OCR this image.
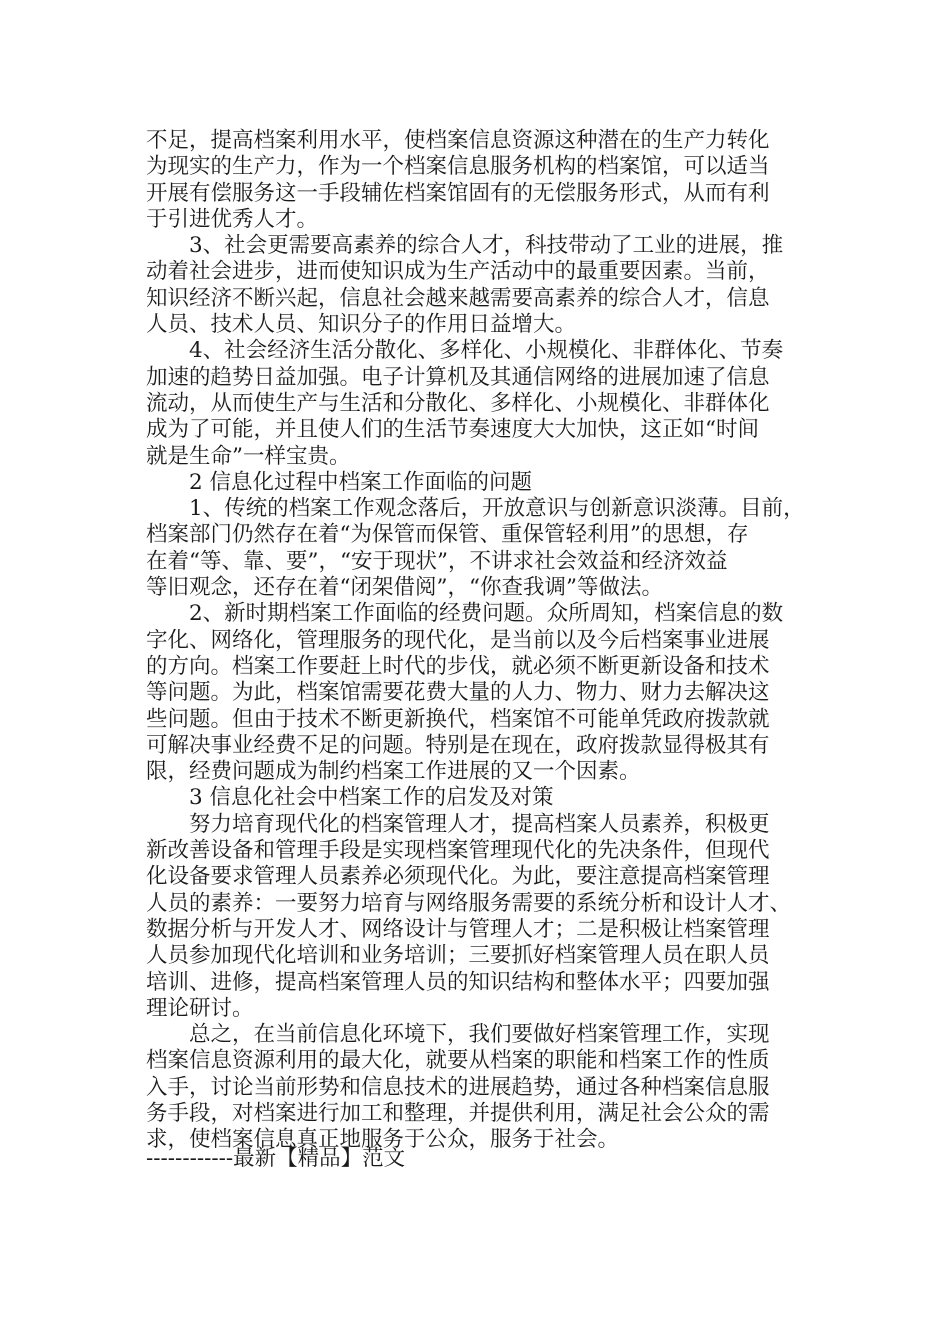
不足，提高档案利用水平，使档案信息资源这种潜在的生产力转化
为现实的生产力，作为一个档案信息服务机构的档案馆，可以适当
开展有偿服务这一手段辅佐档案馆固有的无偿服务形式，从而有利
于引进优秀人才。
3、社会更需要高素养的综合人才，科技带动了工业的进展，推
动着社会进步，进而使知识成为生产活动中的最重要因素。当前，
知识经济不断兴起，信息社会越来越需要高素养的综合人才，信息
人员、技术人员、知识分子的作用日益增大。
4、社会经济生活分散化、多样化、小规模化、非群体化、节奏
加速的趋势日益加强。电子计算机及其通信网络的进展加速了信息
流动，从而使生产与生活和分散化、多样化、小规模化、非群体化
成为了可能，并且使人们的生活节奏速度大大加快，这正如“时间
就是生命”一样宝贵。
2 信息化过程中档案工作面临的问题
1、传统的档案工作观念落后，开放意识与创新意识淡薄。目前，
档案部门仍然存在着“为保管而保管、重保管轻利用”的思想，存
在着“等、靠、要”，“安于现状”，不讲求社会效益和经济效益
等旧观念，还存在着“闭架借阅”，“你查我调”等做法。
2、新时期档案工作面临的经费问题。众所周知，档案信息的数
字化、网络化，管理服务的现代化，是当前以及今后档案事业进展
的方向。档案工作要赶上时代的步伐，就必须不断更新设备和技术
等问题。为此，档案馆需要花费大量的人力、物力、财力去解决这
些问题。但由于技术不断更新换代，档案馆不可能单凭政府拨款就
可解决事业经费不足的问题。特别是在现在，政府拨款显得极其有
限，经费问题成为制约档案工作进展的又一个因素。
3 信息化社会中档案工作的启发及对策
努力培育现代化的档案管理人才，提高档案人员素养，积极更
新改善设备和管理手段是实现档案管理现代化的先决条件，但现代
化设备要求管理人员素养必须现代化。为此，要注意提高档案管理
人员的素养：一要努力培育与网络服务需要的系统分析和设计人才、
数据分析与开发人才、网络设计与管理人才；二是积极让档案管理
人员参加现代化培训和业务培训；三要抓好档案管理人员在职人员
培训、进修，提高档案管理人员的知识结构和整体水平；四要加强
理论研讨。
总之，在当前信息化环境下，我们要做好档案管理工作，实现
档案信息资源利用的最大化，就要从档案的职能和档案工作的性质
入手，讨论当前形势和信息技术的进展趋势，通过各种档案信息服
务手段，对档案进行加工和整理，并提供利用，满足社会公众的需
求，使档案信息真正地服务于公众，服务于社会。
------------最新【精品】范文
